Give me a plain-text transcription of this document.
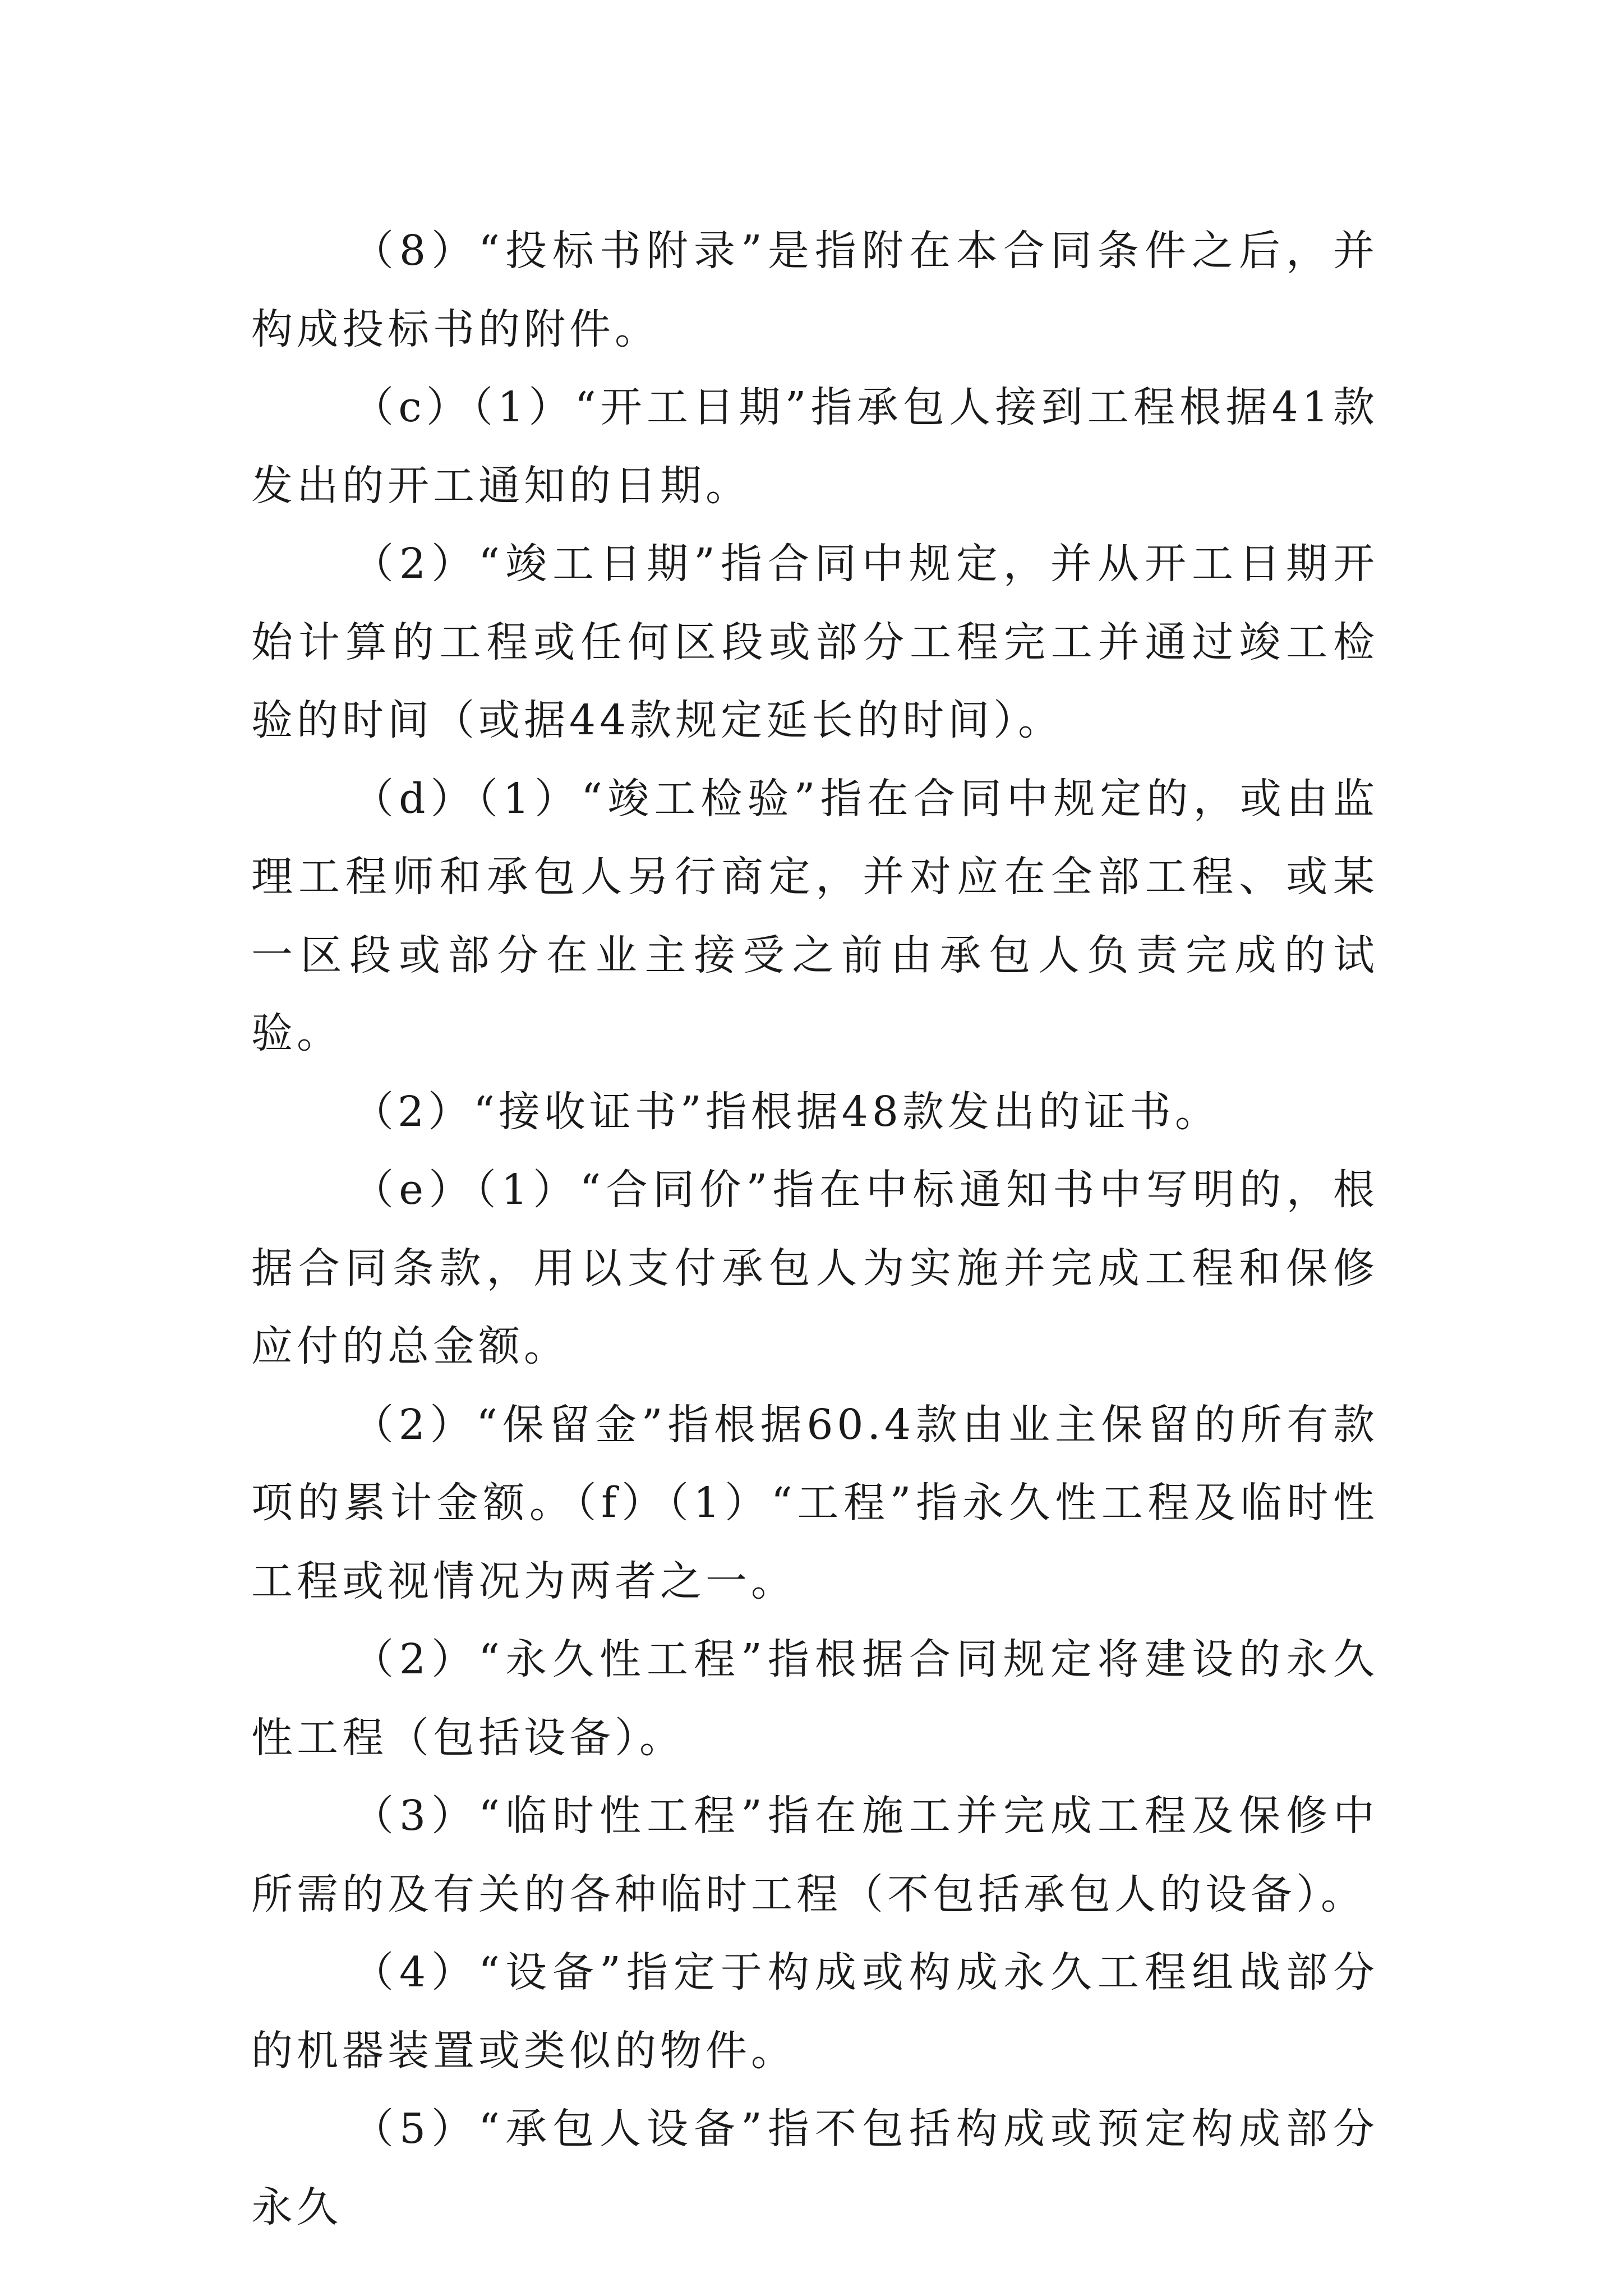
（8）“投标书附录”是指附在本合同条件之后，并构成投标书的附件。

（c）（1）“开工日期”指承包人接到工程根据41款发出的开工通知的日期。

（2）“竣工日期”指合同中规定，并从开工日期开始计算的工程或任何区段或部分工程完工并通过竣工检验的时间（或据44款规定延长的时间）。

（d）（1）“竣工检验”指在合同中规定的，或由监理工程师和承包人另行商定，并对应在全部工程、或某一区段或部分在业主接受之前由承包人负责完成的试验。

（2）“接收证书”指根据48款发出的证书。

（e）（1）“合同价”指在中标通知书中写明的，根据合同条款，用以支付承包人为实施并完成工程和保修应付的总金额。

（2）“保留金”指根据60.4款由业主保留的所有款项的累计金额。（f）（1）“工程”指永久性工程及临时性工程或视情况为两者之一。

（2）“永久性工程”指根据合同规定将建设的永久性工程（包括设备）。

（3）“临时性工程”指在施工并完成工程及保修中所需的及有关的各种临时工程（不包括承包人的设备）。

（4）“设备”指定于构成或构成永久工程组战部分的机器装置或类似的物件。

（5）“承包人设备”指不包括构成或预定构成部分永久
